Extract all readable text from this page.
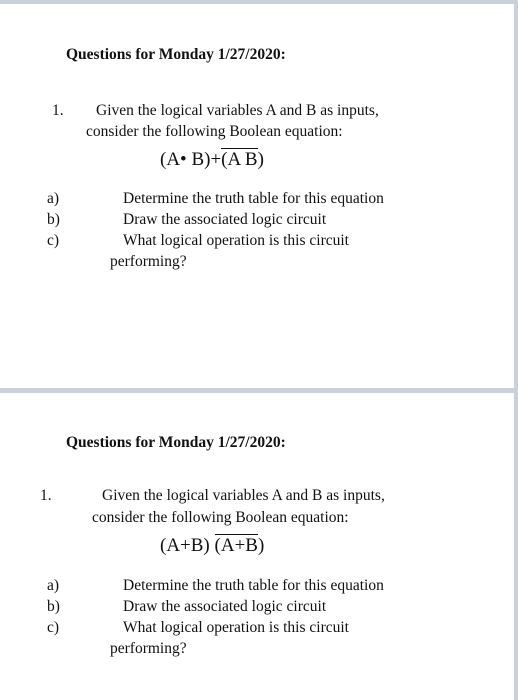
Questions for Monday 1/27/2020:
1. Given the logical variables A and B as inputs,
consider the following Boolean equation:
(A• B)+(A B)
a)	Determine the truth table for this equation
b)	Draw the associated logic circuit
c)	What logical operation is this circuit
performing?
Questions for Monday 1/27/2020:
1.	Given the logical variables A and B as inputs,
consider the following Boolean equation:
(A+B) (A+B)
a)	Determine the truth table for this equation
b)	Draw the associated logic circuit
c)	What logical operation is this circuit
performing?
